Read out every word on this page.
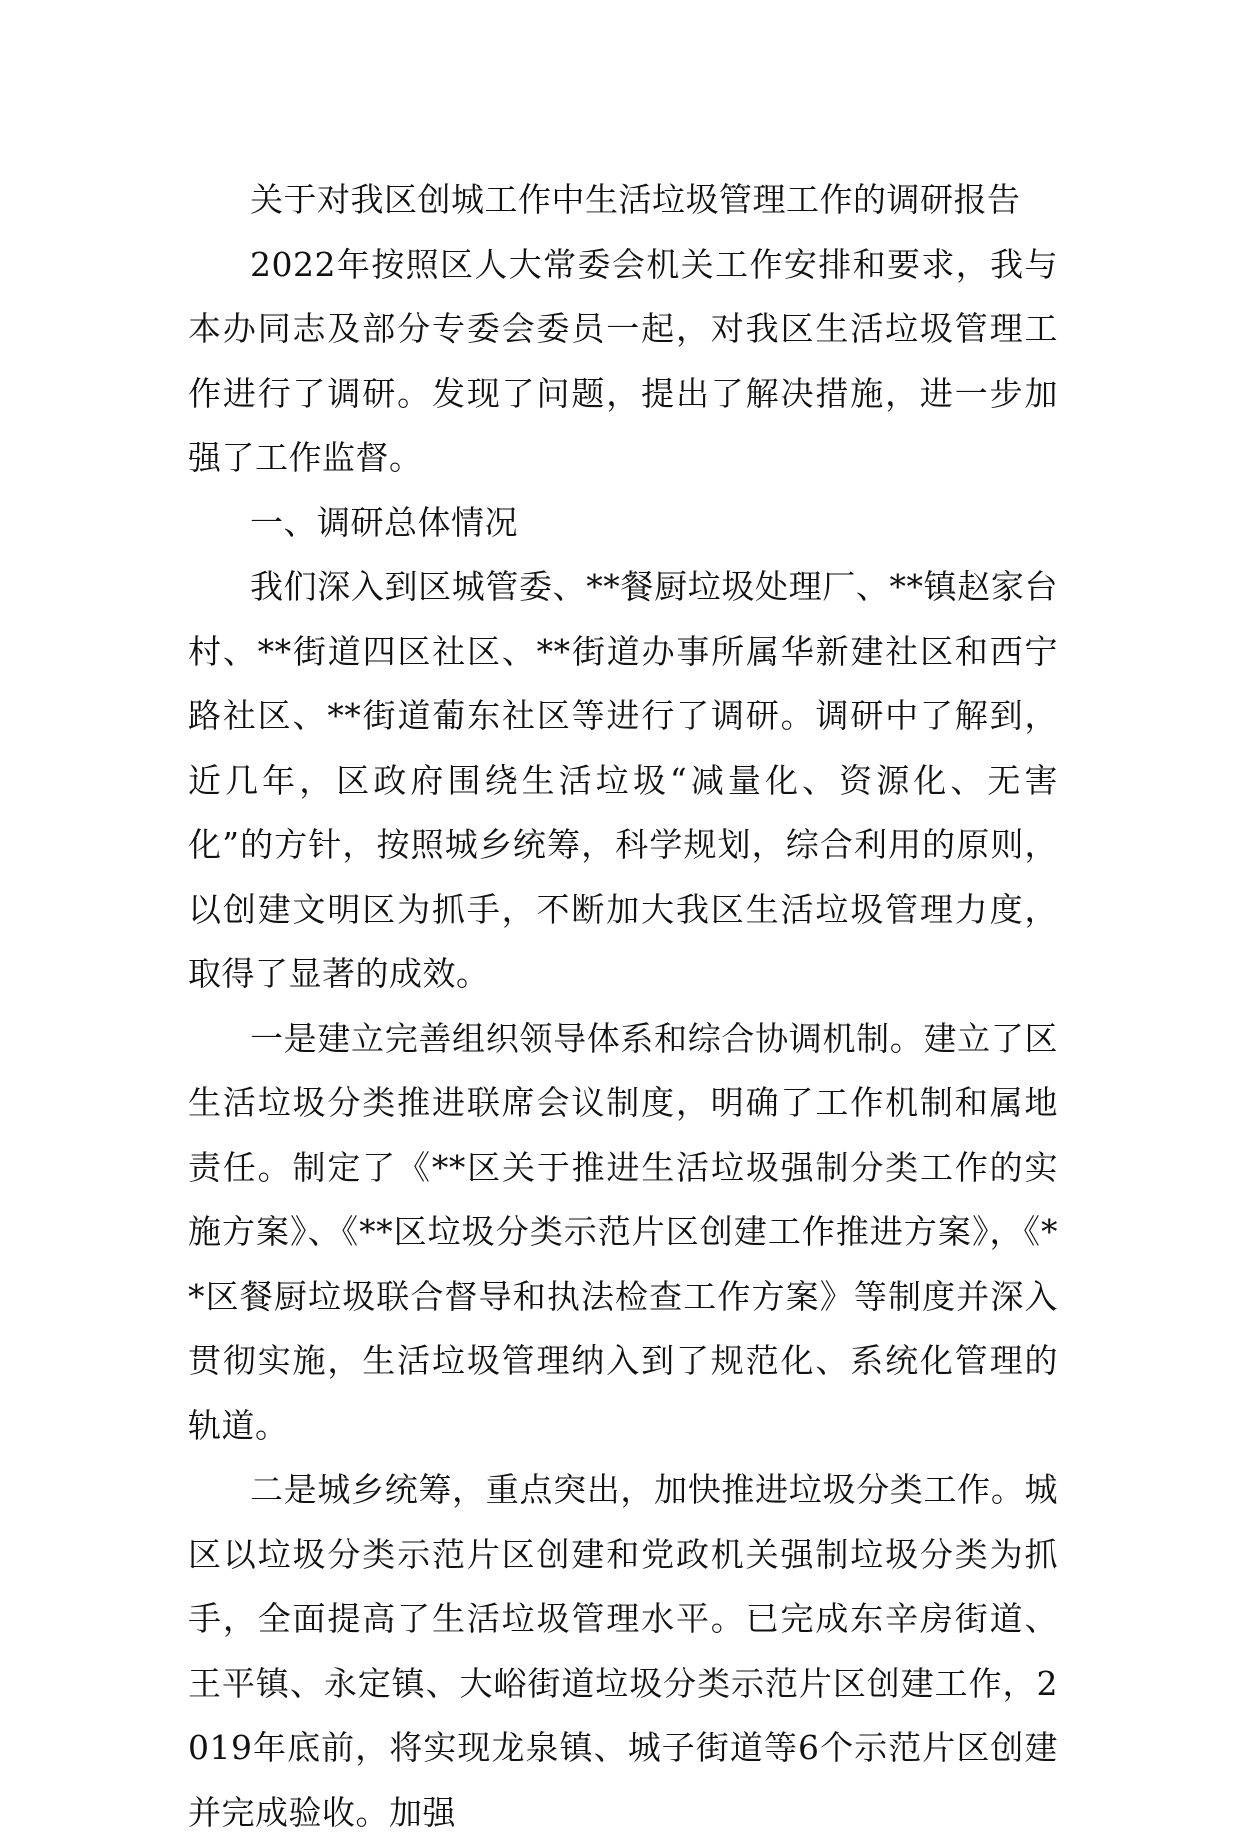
关于对我区创城工作中生活垃圾管理工作的调研报告

2022年按照区人大常委会机关工作安排和要求，我与本办同志及部分专委会委员一起，对我区生活垃圾管理工作进行了调研。发现了问题，提出了解决措施，进一步加强了工作监督。

一、调研总体情况

我们深入到区城管委、**餐厨垃圾处理厂、**镇赵家台村、**街道四区社区、**街道办事所属华新建社区和西宁路社区、**街道葡东社区等进行了调研。调研中了解到，近几年，区政府围绕生活垃圾“减量化、资源化、无害化”的方针，按照城乡统筹，科学规划，综合利用的原则，以创建文明区为抓手，不断加大我区生活垃圾管理力度，取得了显著的成效。

一是建立完善组织领导体系和综合协调机制。建立了区生活垃圾分类推进联席会议制度，明确了工作机制和属地责任。制定了《**区关于推进生活垃圾强制分类工作的实施方案》、《**区垃圾分类示范片区创建工作推进方案》，《**区餐厨垃圾联合督导和执法检查工作方案》等制度并深入贯彻实施，生活垃圾管理纳入到了规范化、系统化管理的轨道。

二是城乡统筹，重点突出，加快推进垃圾分类工作。城区以垃圾分类示范片区创建和党政机关强制垃圾分类为抓手，全面提高了生活垃圾管理水平。已完成东辛房街道、王平镇、永定镇、大峪街道垃圾分类示范片区创建工作，2019年底前，将实现龙泉镇、城子街道等6个示范片区创建并完成验收。加强
